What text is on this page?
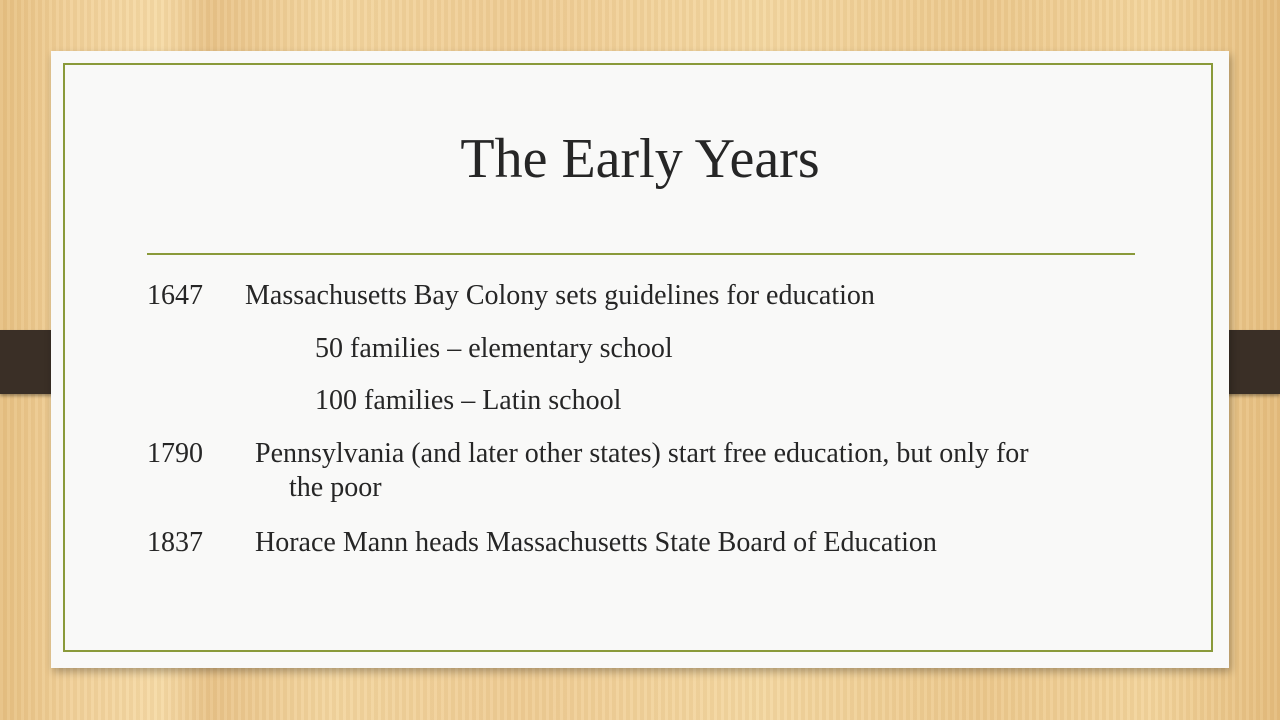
The Early Years
1647 Massachusetts Bay Colony sets guidelines for education
50 families – elementary school
100 families – Latin school
1790 Pennsylvania (and later other states) start free education, but only for
the poor
1837 Horace Mann heads Massachusetts State Board of Education
